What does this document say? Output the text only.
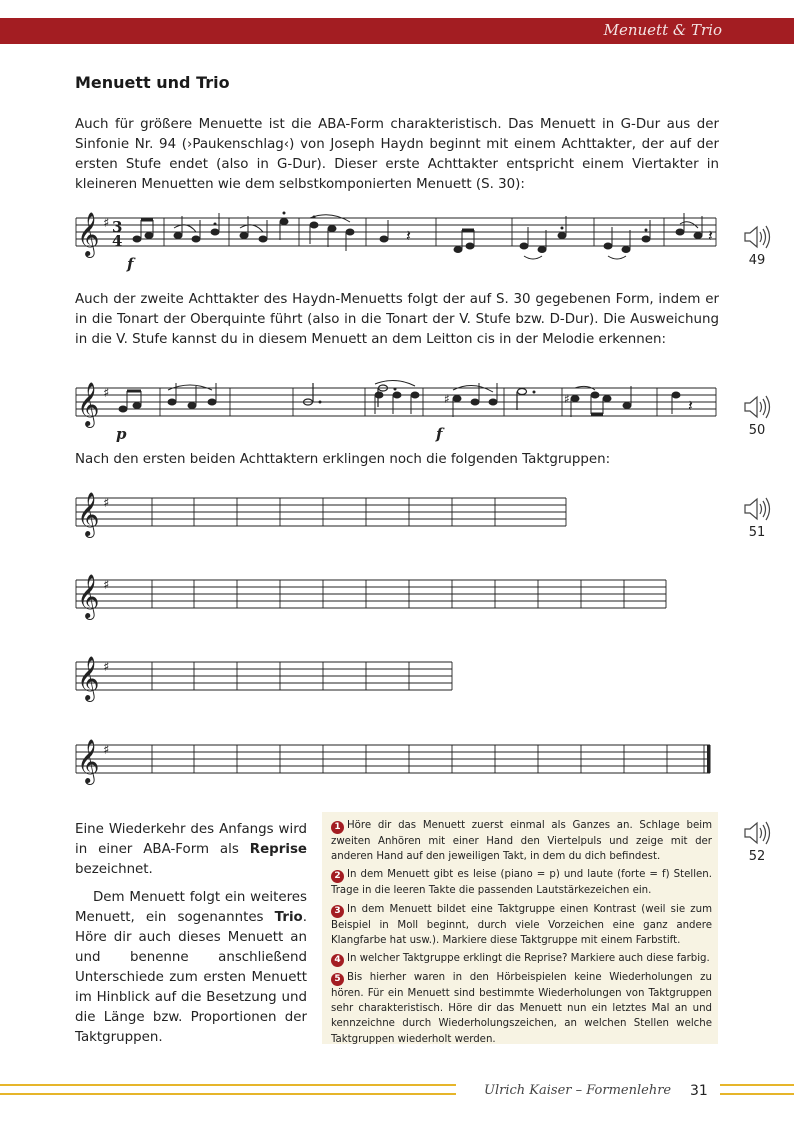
Menuett & Trio
Menuett und Trio
Auch für größere Menuette ist die ABA-Form charakteristisch. Das Menuett in G-Dur aus der Sinfonie Nr. 94 (›Paukenschlag‹) von Joseph Haydn beginnt mit einem Achttakter, der auf der ersten Stufe endet (also in G-Dur). Dieser erste Achttakter entspricht einem Viertakter in kleineren Menuetten wie dem selbstkomponierten Menuett (S. 30):
𝄞 ♯ 3
4	𝄽	𝄽
f	49
Auch der zweite Achttakter des Haydn-Menuetts folgt der auf S. 30 gegebenen Form, indem er in die Tonart der Oberquinte führt (also in die Tonart der V. Stufe bzw. D-Dur). Die Ausweichung in die V. Stufe kannst du in diesem Menuett an dem Leitton cis in der Melodie erkennen:
𝄞 ♯	♯	♯	𝄽
p	f	50
Nach den ersten beiden Achttaktern erklingen noch die folgenden Taktgruppen:
𝄞 ♯
51
𝄞 ♯
𝄞 ♯
𝄞 ♯

Eine Wiederkehr des Anfangs wird in einer ABA-Form als Reprise bezeichnet.

Dem Menuett folgt ein weiteres Menuett, ein sogenanntes Trio. Höre dir auch dieses Menuett an und benenne anschließend Unterschiede zum ersten Menuett im Hinblick auf die Besetzung und die Länge bzw. Proportionen der Taktgruppen.

1 Höre dir das Menuett zuerst einmal als Ganzes an. Schlage beim zweiten Anhören mit einer Hand den Viertelpuls und zeige mit der anderen Hand auf den jeweiligen Takt, in dem du dich befindest.
2 In dem Menuett gibt es leise (piano = p) und laute (forte = f) Stellen. Trage in die leeren Takte die passenden Lautstärkezeichen ein.
3 In dem Menuett bildet eine Taktgruppe einen Kontrast (weil sie zum Beispiel in Moll beginnt, durch viele Vorzeichen eine ganz andere Klangfarbe hat usw.). Markiere diese Taktgruppe mit einem Farbstift.
4 In welcher Taktgruppe erklingt die Reprise? Markiere auch diese farbig.
5 Bis hierher waren in den Hörbeispielen keine Wiederholungen zu hören. Für ein Menuett sind bestimmte Wiederholungen von Taktgruppen sehr charakteristisch. Höre dir das Menuett nun ein letztes Mal an und kennzeichne durch Wiederholungszeichen, an welchen Stellen welche Taktgruppen wiederholt werden.
52
Ulrich Kaiser – Formenlehre 31
